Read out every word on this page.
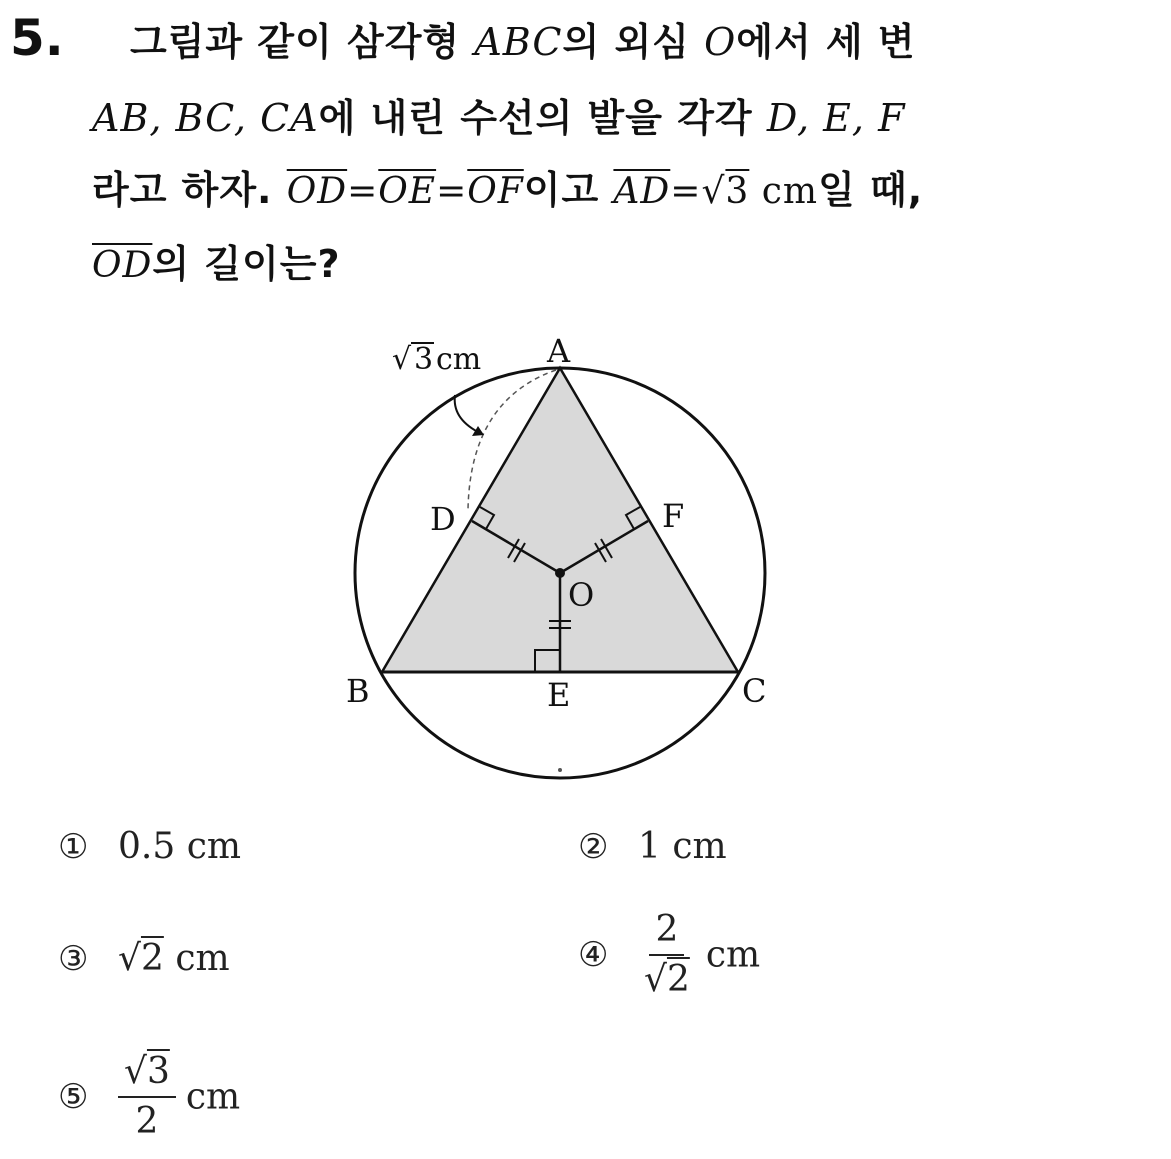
5. 그림과 같이 삼각형 ABC의 외심 O에서 세 변
AB, BC, CA에 내린 수선의 발을 각각 D, E, F
라고 하자. $\overline{OD}=\overline{OE}=\overline{OF}$이고 $\overline{AD}=√3$ cm일 때,
$\overline{OD}$의 길이는?
A
B	C
D
E
F
O
√ 3 cm
① 0.5 cm	② 1 cm
③ √2 cm	④ $\frac{2}{√2}$ cm
⑤ $\frac{√3}{2}$ cm
